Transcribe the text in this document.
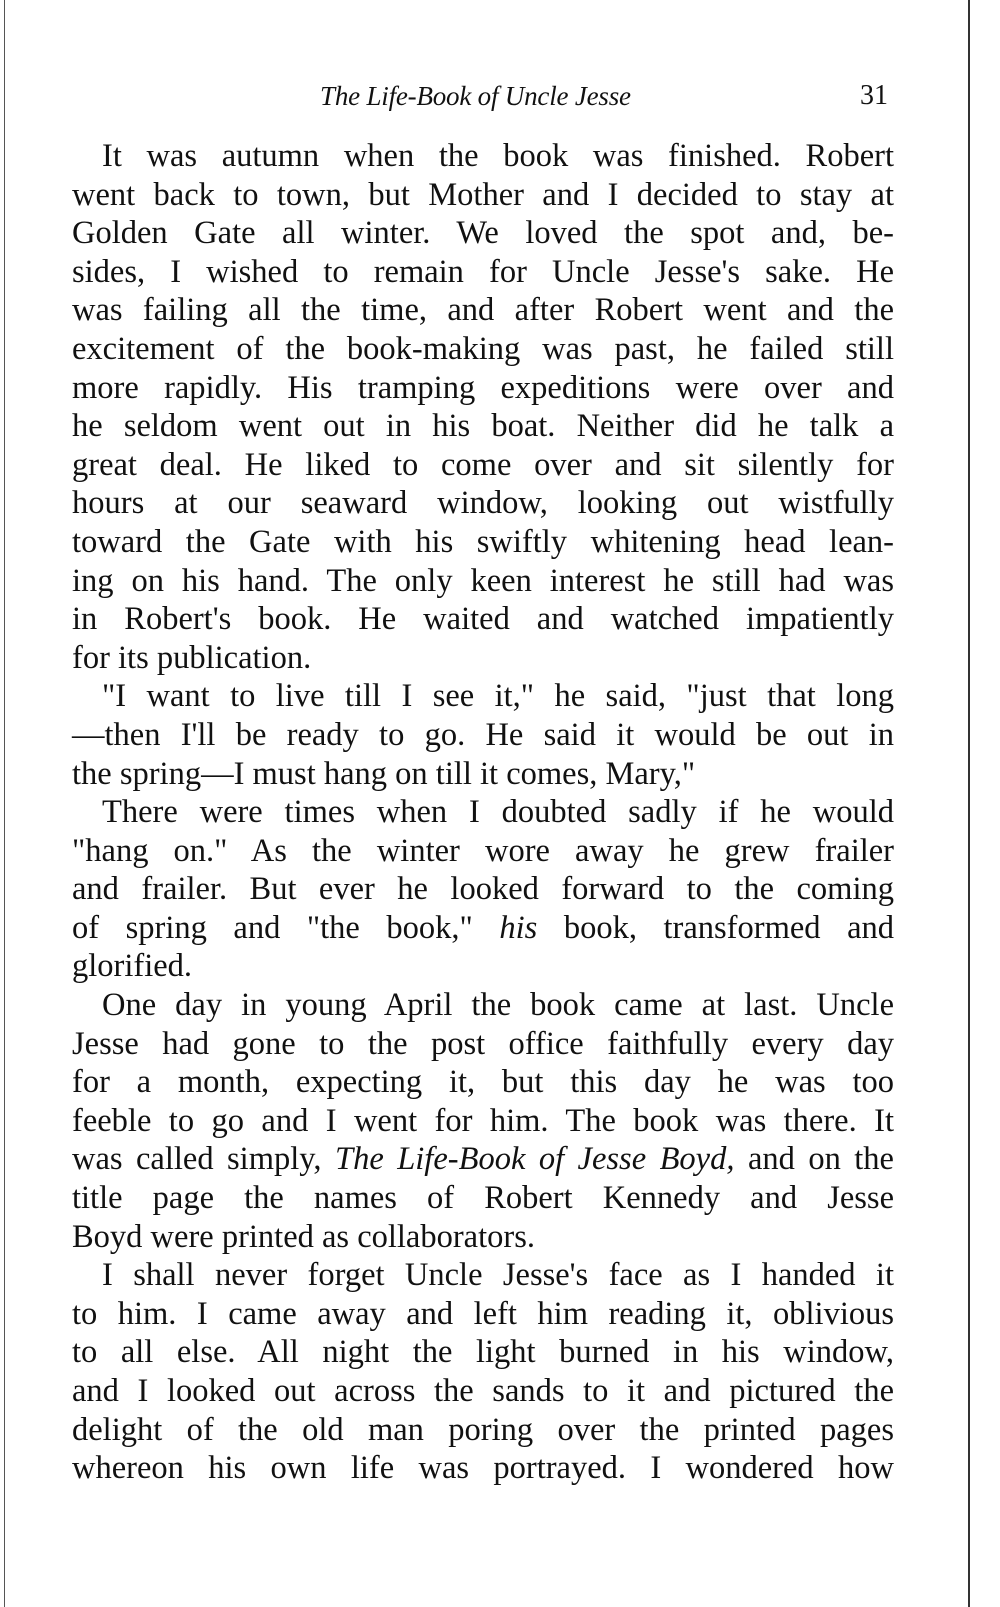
The Life-Book of Uncle Jesse	31
It was autumn when the book was finished. Robert
went back to town, but Mother and I decided to stay at
Golden Gate all winter. We loved the spot and, be-
sides, I wished to remain for Uncle Jesse's sake. He
was failing all the time, and after Robert went and the
excitement of the book-making was past, he failed still
more rapidly. His tramping expeditions were over and
he seldom went out in his boat. Neither did he talk a
great deal. He liked to come over and sit silently for
hours at our seaward window, looking out wistfully
toward the Gate with his swiftly whitening head lean-
ing on his hand. The only keen interest he still had was
in Robert's book. He waited and watched impatiently
for its publication.
"I want to live till I see it," he said, "just that long
—then I'll be ready to go. He said it would be out in
the spring—I must hang on till it comes, Mary,"
There were times when I doubted sadly if he would
"hang on." As the winter wore away he grew frailer
and frailer. But ever he looked forward to the coming
of spring and "the book," his book, transformed and
glorified.
One day in young April the book came at last. Uncle
Jesse had gone to the post office faithfully every day
for a month, expecting it, but this day he was too
feeble to go and I went for him. The book was there. It
was called simply, The Life-Book of Jesse Boyd, and on the
title page the names of Robert Kennedy and Jesse
Boyd were printed as collaborators.
I shall never forget Uncle Jesse's face as I handed it
to him. I came away and left him reading it, oblivious
to all else. All night the light burned in his window,
and I looked out across the sands to it and pictured the
delight of the old man poring over the printed pages
whereon his own life was portrayed. I wondered how
